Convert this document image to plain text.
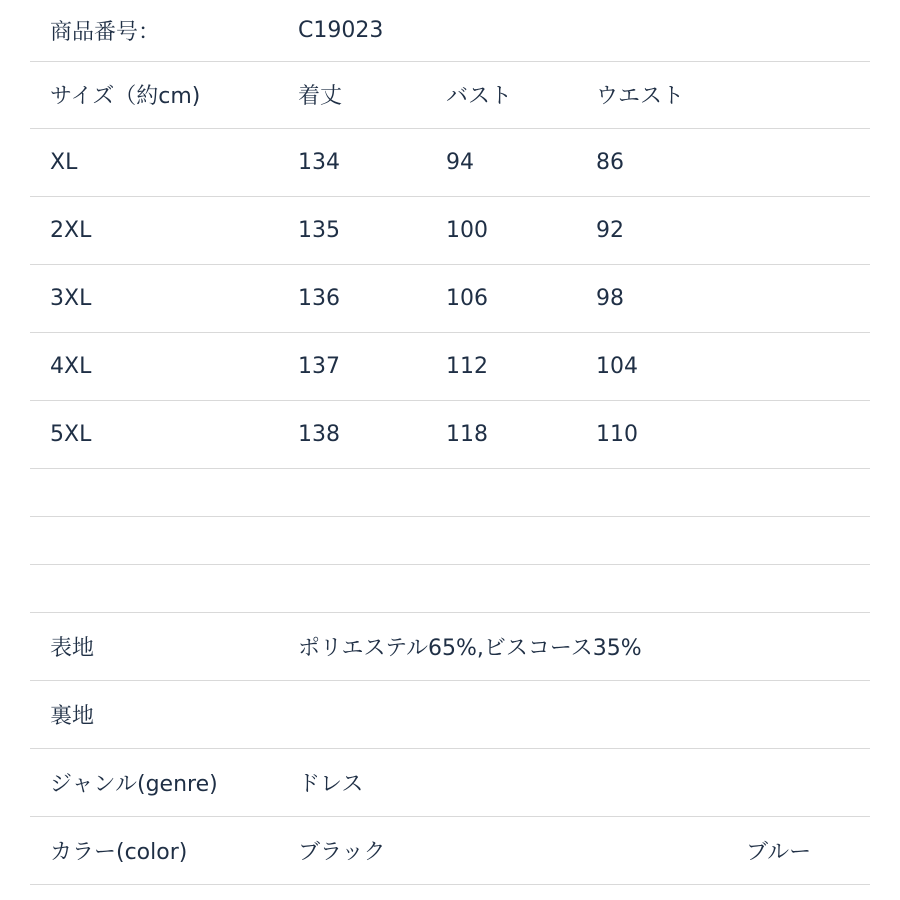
商品番号：	C19023
サイズ（約cm)	着丈	バスト	ウエスト
XL	134	94	86
2XL	135	100	92
3XL	136	106	98
4XL	137	112	104
5XL	138	118	110
表地	ポリエステル65%,ビスコース35%
裏地
ジャンル(genre)	ドレス
カラー(color)	ブラック	ブルー
